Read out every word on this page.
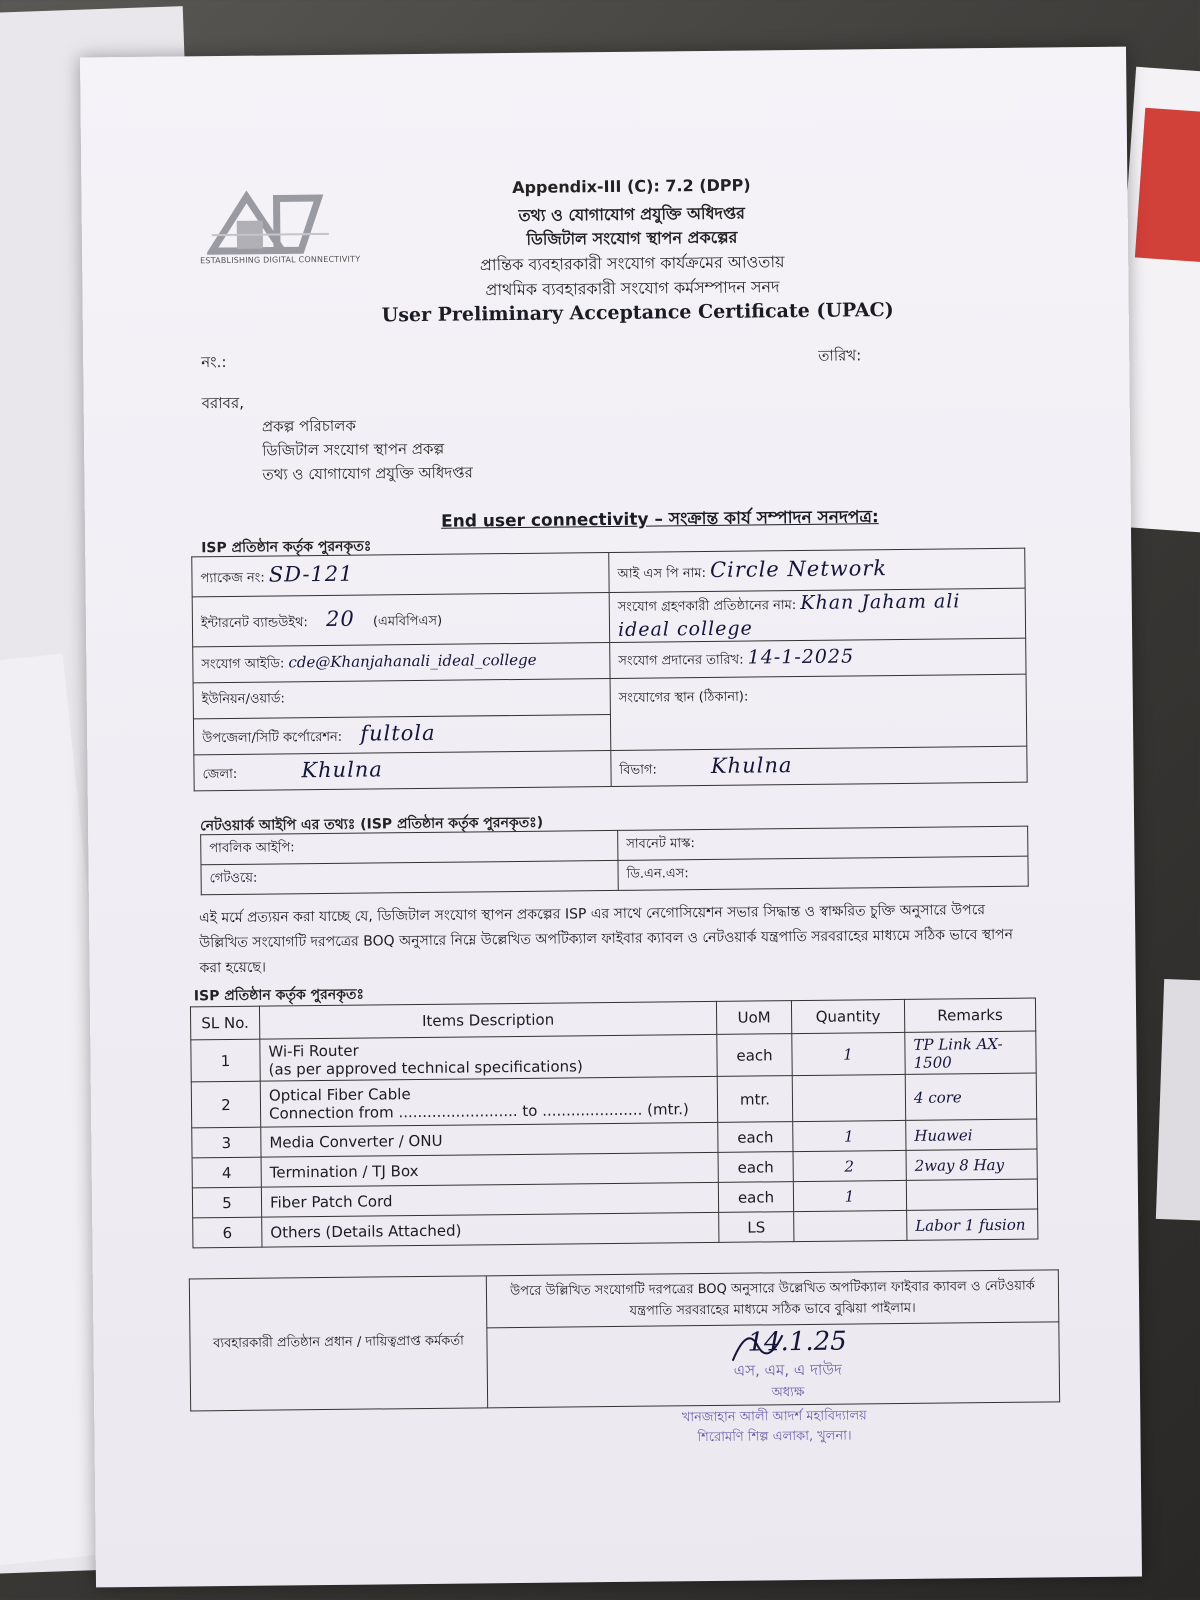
ESTABLISHING DIGITAL CONNECTIVITY
Appendix-III (C): 7.2 (DPP)
তথ্য ও যোগাযোগ প্রযুক্তি অধিদপ্তর
ডিজিটাল সংযোগ স্থাপন প্রকল্পের
প্রান্তিক ব্যবহারকারী সংযোগ কার্যক্রমের আওতায়
প্রাথমিক ব্যবহারকারী সংযোগ কর্মসম্পাদন সনদ
User Preliminary Acceptance Certificate (UPAC)
নং.:	তারিখ:
বরাবর,
প্রকল্প পরিচালক
ডিজিটাল সংযোগ স্থাপন প্রকল্প
তথ্য ও যোগাযোগ প্রযুক্তি অধিদপ্তর
End user connectivity – সংক্রান্ত কার্য সম্পাদন সনদপত্র:
ISP প্রতিষ্ঠান কর্তৃক পুরনকৃতঃ
প্যাকেজ নং: SD-121	আই এস পি নাম: Circle Network
ইন্টারনেট ব্যান্ডউইথ: 20 (এমবিপিএস)	সংযোগ গ্রহণকারী প্রতিষ্ঠানের নাম: Khan Jaham ali
ideal college
সংযোগ আইডি: cde@Khanjahanali_ideal_college	সংযোগ প্রদানের তারিখ: 14-1-2025
ইউনিয়ন/ওয়ার্ড:	সংযোগের স্থান (ঠিকানা):
উপজেলা/সিটি কর্পোরেশন: fultola	
জেলা: Khulna	বিভাগ: Khulna
নেটওয়ার্ক আইপি এর তথ্যঃ (ISP প্রতিষ্ঠান কর্তৃক পুরনকৃতঃ)
পাবলিক আইপি:	সাবনেট মাস্ক:
গেটওয়ে:	ডি.এন.এস:
এই মর্মে প্রত্যয়ন করা যাচ্ছে যে, ডিজিটাল সংযোগ স্থাপন প্রকল্পের ISP এর সাথে নেগোসিয়েশন সভার সিদ্ধান্ত ও স্বাক্ষরিত চুক্তি অনুসারে উপরে উল্লিখিত সংযোগটি দরপত্রের BOQ অনুসারে নিম্নে উল্লেখিত অপটিক্যাল ফাইবার ক্যাবল ও নেটওয়ার্ক যন্ত্রপাতি সরবরাহের মাধ্যমে সঠিক ভাবে স্থাপন করা হয়েছে।
ISP প্রতিষ্ঠান কর্তৃক পুরনকৃতঃ
SL No.	Items Description	UoM	Quantity	Remarks
1	Wi-Fi Router
(as per approved technical specifications)	each	1	TP Link AX-1500
2	Optical Fiber Cable
Connection from ......................... to ..................... (mtr.)	mtr.		4 core
3	Media Converter / ONU	each	1	Huawei
4	Termination / TJ Box	each	2	2way 8 Hay
5	Fiber Patch Cord	each	1	
6	Others (Details Attached)	LS		Labor 1 fusion
ব্যবহারকারী প্রতিষ্ঠান প্রধান / দায়িত্বপ্রাপ্ত কর্মকর্তা	উপরে উল্লিখিত সংযোগটি দরপত্রের BOQ অনুসারে উল্লেখিত অপটিক্যাল ফাইবার ক্যাবল ও নেটওয়ার্ক যন্ত্রপাতি সরবরাহের মাধ্যমে সঠিক ভাবে বুঝিয়া পাইলাম।

14.1.25
এস, এম, এ দাউদ
অধ্যক্ষ
খানজাহান আলী আদর্শ মহাবিদ্যালয়
শিরোমণি শিল্প এলাকা, খুলনা।
